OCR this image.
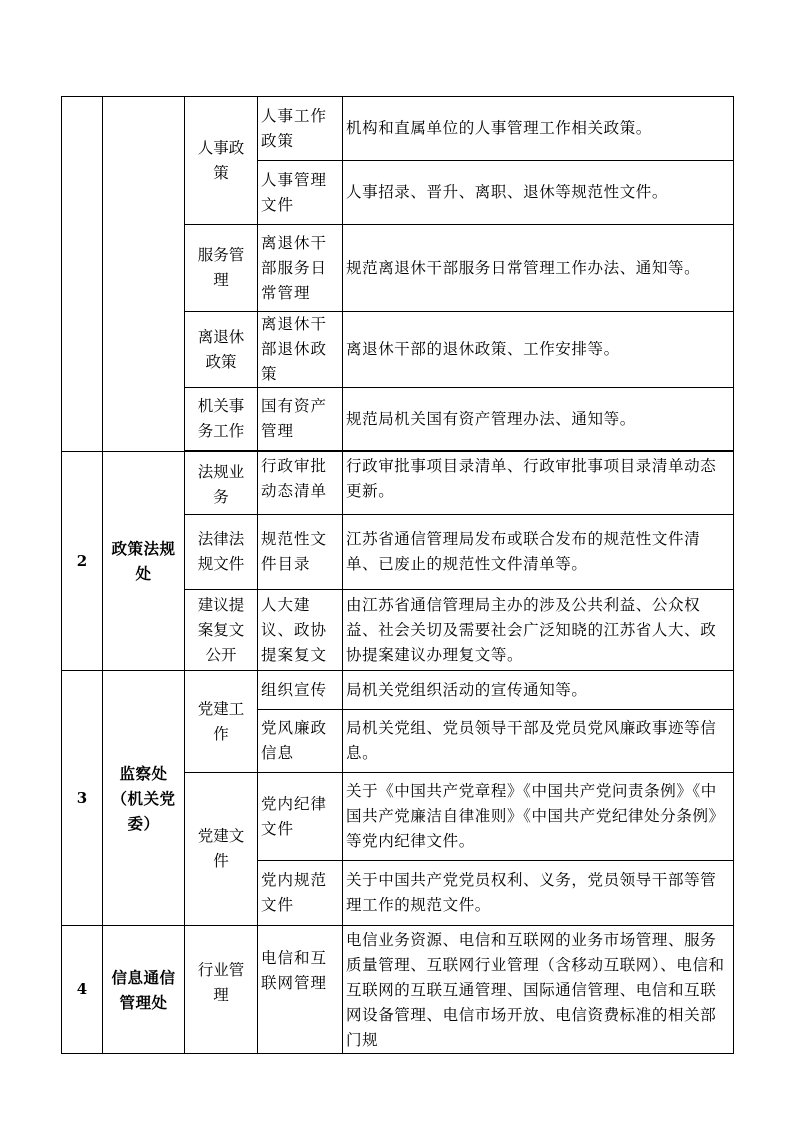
		人事政策	人事工作政策	机构和直属单位的人事管理工作相关政策。
			人事管理文件	人事招录、晋升、离职、退休等规范性文件。
		服务管理	离退休干部服务日常管理	规范离退休干部服务日常管理工作办法、通知等。
		离退休政策	离退休干部退休政策	离退休干部的退休政策、工作安排等。
		机关事务工作	国有资产管理	规范局机关国有资产管理办法、通知等。

2	政策法规处	法规业务	行政审批动态清单	行政审批事项目录清单、行政审批事项目录清单动态更新。
		法律法规文件	规范性文件目录	江苏省通信管理局发布或联合发布的规范性文件清单、已废止的规范性文件清单等。
		建议提案复文公开	人大建议、政协提案复文	由江苏省通信管理局主办的涉及公共利益、公众权益、社会关切及需要社会广泛知晓的江苏省人大、政协提案建议办理复文等。
3	监察处（机关党委）	党建工作	组织宣传	局机关党组织活动的宣传通知等。
			党风廉政信息	局机关党组、党员领导干部及党员党风廉政事迹等信息。
		党建文件	党内纪律文件	关于《中国共产党章程》《中国共产党问责条例》《中国共产党廉洁自律准则》《中国共产党纪律处分条例》等党内纪律文件。
			党内规范文件	关于中国共产党党员权利、义务，党员领导干部等管理工作的规范文件。
4	信息通信管理处	行业管理	电信和互联网管理	电信业务资源、电信和互联网的业务市场管理、服务质量管理、互联网行业管理（含移动互联网）、电信和互联网的互联互通管理、国际通信管理、电信和互联网设备管理、电信市场开放、电信资费标准的相关部门规
